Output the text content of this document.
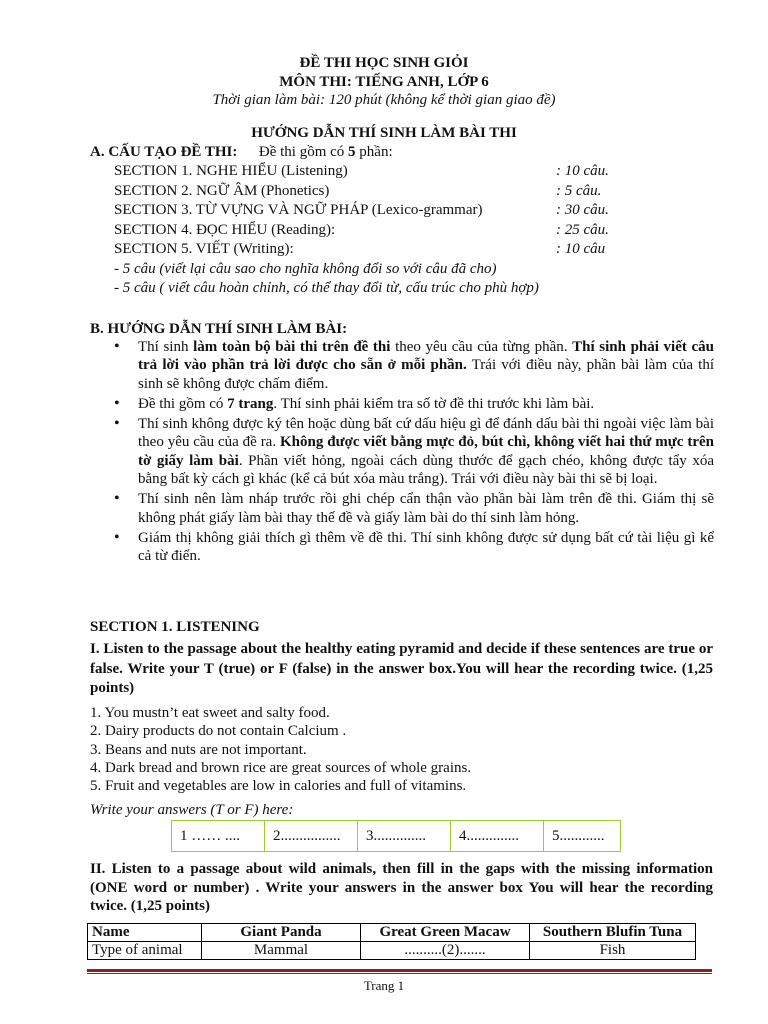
ĐỀ THI HỌC SINH GIỎI
MÔN THI: TIẾNG ANH, LỚP 6
Thời gian làm bài: 120 phút (không kể thời gian giao đề)
HƯỚNG DẪN THÍ SINH LÀM BÀI THI
A. CẤU TẠO ĐỀ THI: Đề thi gồm có 5 phần:
SECTION 1. NGHE HIỂU (Listening)	: 10 câu.
SECTION 2. NGỮ ÂM (Phonetics)	: 5 câu.
SECTION 3. TỪ VỰNG VÀ NGỮ PHÁP (Lexico-grammar)	: 30 câu.
SECTION 4. ĐỌC HIỂU (Reading):	: 25 câu.
SECTION 5. VIẾT (Writing):	: 10 câu
- 5 câu (viết lại câu sao cho nghĩa không đổi so với câu đã cho)
- 5 câu ( viết câu hoàn chỉnh, có thể thay đổi từ, cấu trúc cho phù hợp)
B. HƯỚNG DẪN THÍ SINH LÀM BÀI:
• Thí sinh làm toàn bộ bài thi trên đề thi theo yêu cầu của từng phần. Thí sinh phải viết câu trả lời vào phần trả lời được cho sẵn ở mỗi phần. Trái với điều này, phần bài làm của thí sinh sẽ không được chấm điểm.
• Đề thi gồm có 7 trang. Thí sinh phải kiểm tra số tờ đề thi trước khi làm bài.
• Thí sinh không được ký tên hoặc dùng bất cứ dấu hiệu gì để đánh dấu bài thi ngoài việc làm bài theo yêu cầu của đề ra. Không được viết bằng mực đỏ, bút chì, không viết hai thứ mực trên tờ giấy làm bài. Phần viết hỏng, ngoài cách dùng thước để gạch chéo, không được tẩy xóa bằng bất kỳ cách gì khác (kể cả bút xóa màu trắng). Trái với điều này bài thi sẽ bị loại.
• Thí sinh nên làm nháp trước rồi ghi chép cẩn thận vào phần bài làm trên đề thi. Giám thị sẽ không phát giấy làm bài thay thế đề và giấy làm bài do thí sinh làm hỏng.
• Giám thị không giải thích gì thêm về đề thi. Thí sinh không được sử dụng bất cứ tài liệu gì kể cả từ điển.
SECTION 1. LISTENING
I. Listen to the passage about the healthy eating pyramid and decide if these sentences are true or false. Write your T (true) or F (false) in the answer box.You will hear the recording twice. (1,25 points)
1. You mustn’t eat sweet and salty food.
2. Dairy products do not contain Calcium .
3. Beans and nuts are not important.
4. Dark bread and brown rice are great sources of whole grains.
5. Fruit and vegetables are low in calories and full of vitamins.
Write your answers (T or F) here:
1 …… ....	2................	3..............	4..............	5............
II. Listen to a passage about wild animals, then fill in the gaps with the missing information (ONE word or number) . Write your answers in the answer box You will hear the recording twice. (1,25 points)
Name	Giant Panda	Great Green Macaw	Southern Blufin Tuna
Type of animal	Mammal	..........(2).......	Fish
Trang 1
